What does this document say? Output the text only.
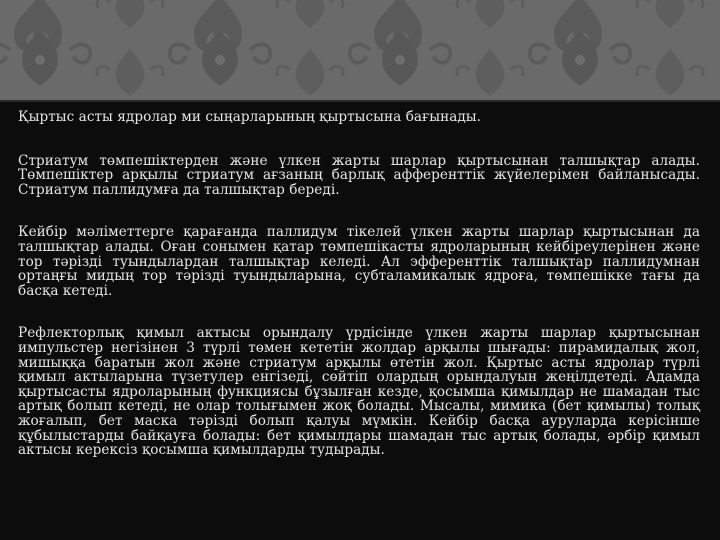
Қыртыс асты ядролар ми сыңарларының қыртысына бағынады.

Стриатум төмпешіктерден және үлкен жарты шарлар қыртысынан талшықтар алады. Төмпешіктер арқылы стриатум ағзаның барлық афференттік жүйелерімен байланысады. Стриатум паллидумға да талшықтар береді.

Кейбір мәліметтерге қарағанда паллидум тікелей үлкен жарты шарлар қыртысынан да талшықтар алады. Оған сонымен қатар төмпешікасты ядроларының кейбіреулерінен және тор тәрізді туындылардан талшықтар келеді. Ал эфференттік талшықтар паллидумнан ортаңғы мидың тор тәрізді туындыларына, субталамикалык ядроға, төмпешікке тағы да басқа кетеді.

Рефлекторлық қимыл актысы орындалу үрдісінде үлкен жарты шарлар қыртысынан импульстер негізінен 3 түрлі төмен кететін жолдар арқылы шығады: пирамидалық жол, мишыққа баратын жол және стриатум арқылы өтетін жол. Қыртыс асты ядролар түрлі қимыл актыларына түзетулер енгізеді, сөйтіп олардың орындалуын жеңілдетеді. Адамда қыртысасты ядроларының функциясы бұзылған кезде, қосымша қимылдар не шамадан тыс артық болып кетеді, не олар толығымен жоқ болады. Мысалы, мимика (бет қимылы) толық жоғалып, бет маска тәрізді болып қалуы мүмкін. Кейбір басқа ауруларда керісінше құбылыстарды байқауға болады: бет қимылдары шамадан тыс артық болады, әрбір қимыл актысы керексіз қосымша қимылдарды тудырады.
